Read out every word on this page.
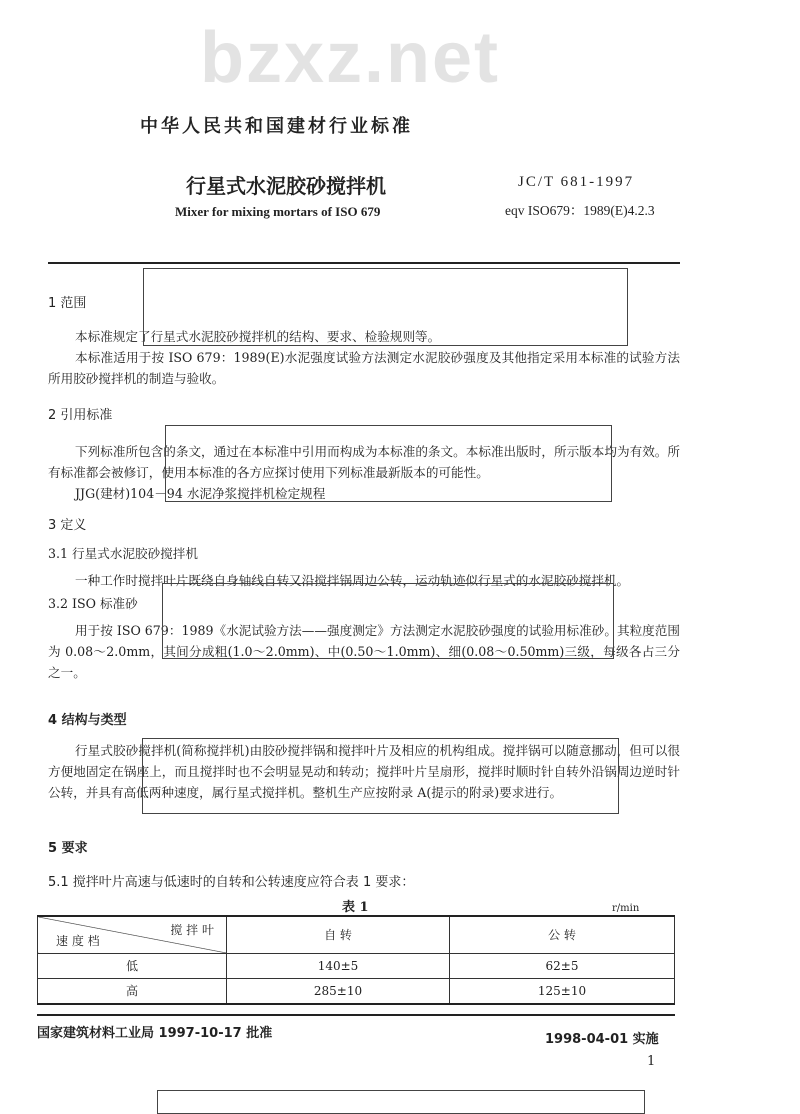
bzxz.net
中华人民共和国建材行业标准
行星式水泥胶砂搅拌机
Mixer for mixing mortars of ISO 679
JC/T 681-1997
eqv ISO679：1989(E)4.2.3
1 范围
本标准规定了行星式水泥胶砂搅拌机的结构、要求、检验规则等。
本标准适用于按 ISO 679：1989(E)水泥强度试验方法测定水泥胶砂强度及其他指定采用本标准的试验方法所用胶砂搅拌机的制造与验收。
2 引用标准
下列标准所包含的条文，通过在本标准中引用而构成为本标准的条文。本标准出版时，所示版本均为有效。所有标准都会被修订，使用本标准的各方应探讨使用下列标准最新版本的可能性。
JJG(建材)104－94 水泥净浆搅拌机检定规程
3 定义
3.1 行星式水泥胶砂搅拌机
一种工作时搅拌叶片既绕自身轴线自转又沿搅拌锅周边公转，运动轨迹似行星式的水泥胶砂搅拌机。
3.2 ISO 标准砂
用于按 ISO 679：1989《水泥试验方法——强度测定》方法测定水泥胶砂强度的试验用标准砂。其粒度范围为 0.08～2.0mm，其间分成粗(1.0～2.0mm)、中(0.50～1.0mm)、细(0.08～0.50mm)三级，每级各占三分之一。
4 结构与类型
行星式胶砂搅拌机(简称搅拌机)由胶砂搅拌锅和搅拌叶片及相应的机构组成。搅拌锅可以随意挪动，但可以很方便地固定在锅座上，而且搅拌时也不会明显晃动和转动；搅拌叶片呈扇形，搅拌时顺时针自转外沿锅周边逆时针公转，并具有高低两种速度，属行星式搅拌机。整机生产应按附录 A(提示的附录)要求进行。
5 要求
5.1 搅拌叶片高速与低速时的自转和公转速度应符合表 1 要求：
表 1	r/min
搅 拌 叶
速 度 档	自 转	公 转
低	140±5	62±5
高	285±10	125±10
国家建筑材料工业局 1997-10-17 批准	1998-04-01 实施
1
